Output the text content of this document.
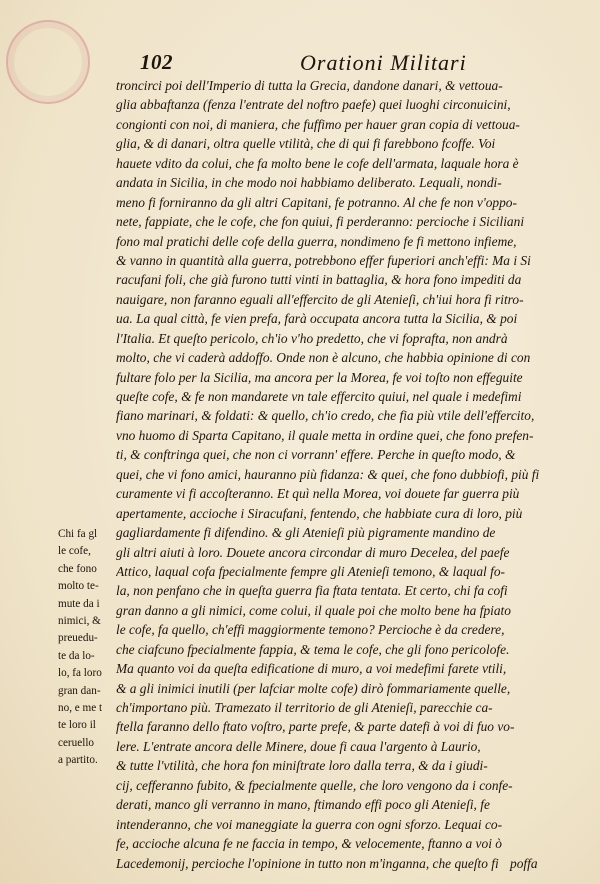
102	Orationi Militari
troncirci poi dell'Imperio di tutta la Grecia, dandone danari, & vettoua-
glia abbaftanza (fenza l'entrate del noftro paefe) quei luoghi circonuicini,
congionti con noi, di maniera, che fuffimo per hauer gran copia di vettoua-
glia, & di danari, oltra quelle vtilità, che di qui fi farebbono fcoffe. Voi
hauete vdito da colui, che fa molto bene le cofe dell'armata, laquale hora è
andata in Sicilia, in che modo noi habbiamo deliberato. Lequali, nondi-
meno fi forniranno da gli altri Capitani, fe potranno. Al che fe non v'oppo-
nete, fappiate, che le cofe, che fon quiui, fi perderanno: percioche i Siciliani
fono mal pratichi delle cofe della guerra, nondimeno fe fi mettono infieme,
& vanno in quantità alla guerra, potrebbono effer fuperiori anch'effi: Ma i Si
racufani foli, che già furono tutti vinti in battaglia, & hora fono impediti da
nauigare, non faranno eguali all'effercito de gli Atenieſi, ch'iui hora fi ritro-
ua. La qual città, fe vien prefa, farà occupata ancora tutta la Sicilia, & poi
l'Italia. Et queſto pericolo, ch'io v'ho predetto, che vi foprafta, non andrà
molto, che vi caderà addoffo. Onde non è alcuno, che habbia opinione di con
fultare folo per la Sicilia, ma ancora per la Morea, fe voi toſto non effeguite
queſte cofe, & fe non mandarete vn tale effercito quiui, nel quale i medefimi
fiano marinari, & foldati: & quello, ch'io credo, che fia più vtile dell'effercito,
vno huomo di Sparta Capitano, il quale metta in ordine quei, che fono prefen-
ti, & conftringa quei, che non ci vorrann' effere. Perche in queſto modo, &
quei, che vi fono amici, hauranno più fidanza: & quei, che fono dubbiofi, più fi
curamente vi fi accoſteranno. Et quì nella Morea, voi douete far guerra più
apertamente, accioche i Siracufani, fentendo, che habbiate cura di loro, più
gagliardamente fi difendino. & gli Atenieſi più pigramente mandino de
gli altri aiuti à loro. Douete ancora circondar di muro Decelea, del paefe
Attico, laqual cofa fpecialmente fempre gli Atenieſi temono, & laqual fo-
la, non penfano che in queſta guerra fia ftata tentata. Et certo, chi fa cofi
gran danno a gli nimici, come colui, il quale poi che molto bene ha fpiato
le cofe, fa quello, ch'effi maggiormente temono? Percioche è da credere,
che ciafcuno fpecialmente fappia, & tema le cofe, che gli fono pericolofe.
Ma quanto voi da queſta edificatione di muro, a voi medefimi farete vtili,
& a gli inimici inutili (per lafciar molte cofe) dirò fommariamente quelle,
ch'importano più. Tramezato il territorio de gli Atenieſi, parecchie ca-
ftella faranno dello ftato voſtro, parte prefe, & parte datefi à voi di fuo vo-
lere. L'entrate ancora delle Minere, doue fi caua l'argento à Laurio,
& tutte l'vtilità, che hora fon miniſtrate loro dalla terra, & da i giudi-
cij, cefferanno fubito, & fpecialmente quelle, che loro vengono da i confe-
derati, manco gli verranno in mano, ftimando effi poco gli Atenieſi, fe
intenderanno, che voi maneggiate la guerra con ogni sforzo. Lequai co-
fe, accioche alcuna fe ne faccia in tempo, & velocemente, ftanno a voi ò
Lacedemonij, percioche l'opinione in tutto non m'inganna, che queſto fi
Chi fa gl
le cofe,
che fono
molto te-
mute da i
nimici, &
preuedu-
te da lo-
lo, fa loro
gran dan-
no, e me t
te loro il
ceruello
a partito.
poffa
